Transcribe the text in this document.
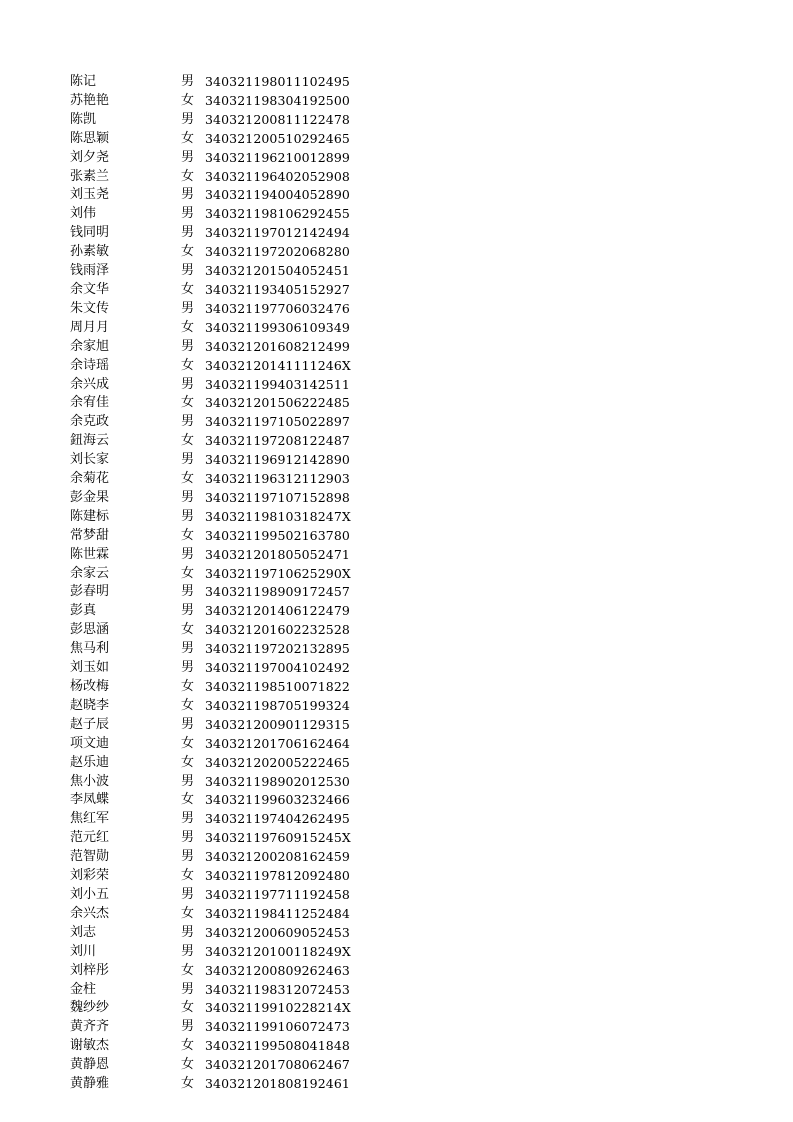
陈记	男 340321198011102495
苏艳艳	女 340321198304192500
陈凯	男 340321200811122478
陈思颖	女 340321200510292465
刘夕尧	男 340321196210012899
张素兰	女 340321196402052908
刘玉尧	男 340321194004052890
刘伟	男 340321198106292455
钱同明	男 340321197012142494
孙素敏	女 340321197202068280
钱雨泽	男 340321201504052451
余文华	女 340321193405152927
朱文传	男 340321197706032476
周月月	女 340321199306109349
余家旭	男 340321201608212499
余诗瑶	女 34032120141111246X
余兴成	男 340321199403142511
余宥佳	女 340321201506222485
余克政	男 340321197105022897
鈕海云	女 340321197208122487
刘长家	男 340321196912142890
余菊花	女 340321196312112903
彭金果	男 340321197107152898
陈建标	男 34032119810318247X
常梦甜	女 340321199502163780
陈世霖	男 340321201805052471
余家云	女 34032119710625290X
彭春明	男 340321198909172457
彭真	男 340321201406122479
彭思涵	女 340321201602232528
焦马利	男 340321197202132895
刘玉如	男 340321197004102492
杨改梅	女 340321198510071822
赵晓李	女 340321198705199324
赵子辰	男 340321200901129315
项文迪	女 340321201706162464
赵乐迪	女 340321202005222465
焦小波	男 340321198902012530
李凤蝶	女 340321199603232466
焦红军	男 340321197404262495
范元红	男 34032119760915245X
范智勋	男 340321200208162459
刘彩荣	女 340321197812092480
刘小五	男 340321197711192458
余兴杰	女 340321198411252484
刘志	男 340321200609052453
刘川	男 34032120100118249X
刘梓彤	女 340321200809262463
金柱	男 340321198312072453
魏纱纱	女 34032119910228214X
黄齐齐	男 340321199106072473
谢敏杰	女 340321199508041848
黄静恩	女 340321201708062467
黄静雅	女 340321201808192461
